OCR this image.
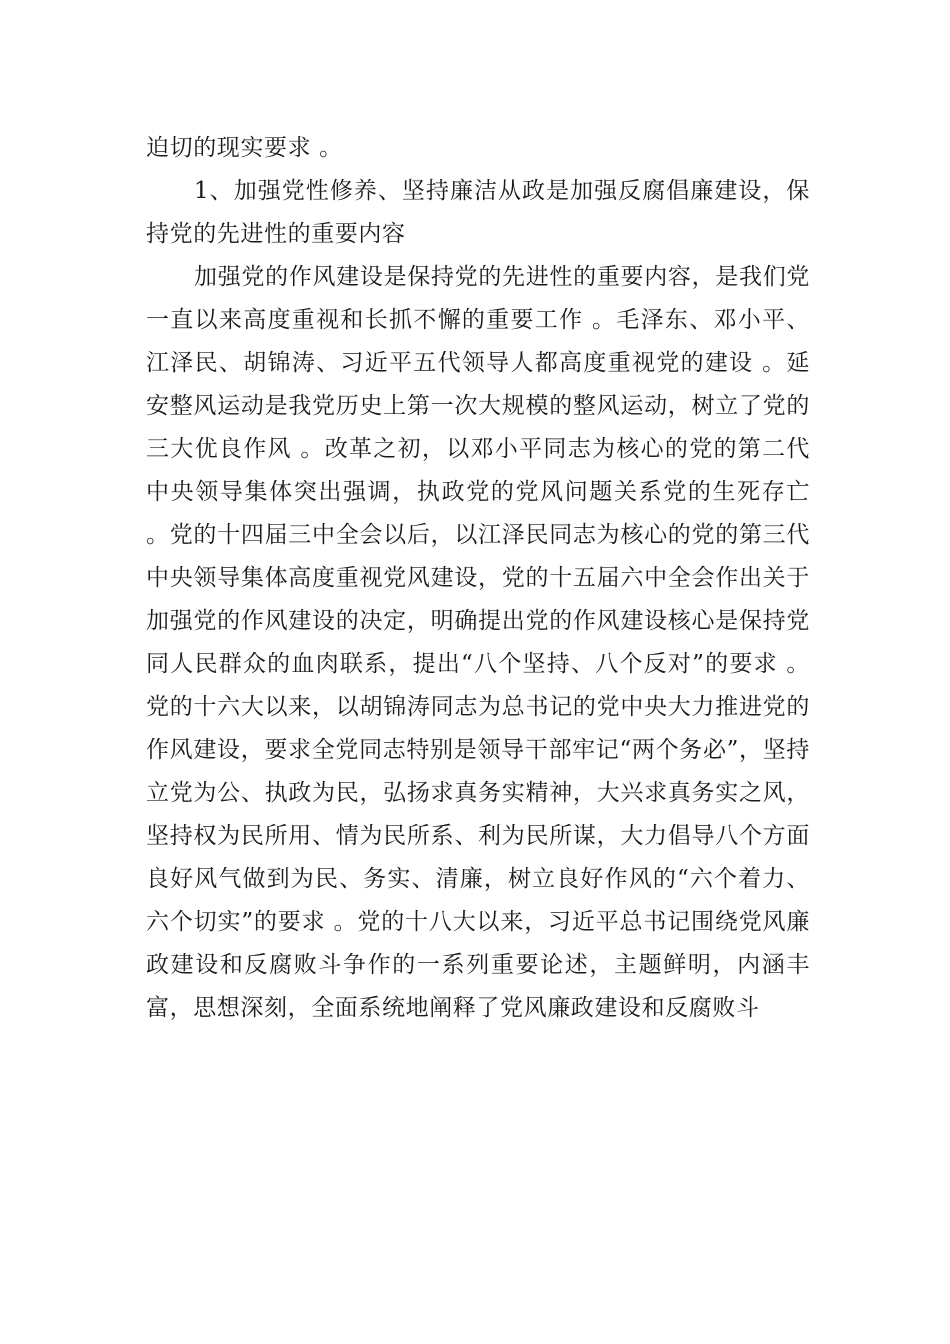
迫切的现实要求 。

1、加强党性修养、坚持廉洁从政是加强反腐倡廉建设，保持党的先进性的重要内容

加强党的作风建设是保持党的先进性的重要内容，是我们党一直以来高度重视和长抓不懈的重要工作 。毛泽东、邓小平、江泽民、胡锦涛、习近平五代领导人都高度重视党的建设 。延安整风运动是我党历史上第一次大规模的整风运动，树立了党的三大优良作风 。改革之初，以邓小平同志为核心的党的第二代中央领导集体突出强调，执政党的党风问题关系党的生死存亡 。党的十四届三中全会以后，以江泽民同志为核心的党的第三代中央领导集体高度重视党风建设，党的十五届六中全会作出关于加强党的作风建设的决定，明确提出党的作风建设核心是保持党同人民群众的血肉联系，提出“八个坚持、八个反对”的要求 。党的十六大以来，以胡锦涛同志为总书记的党中央大力推进党的作风建设，要求全党同志特别是领导干部牢记“两个务必”，坚持立党为公、执政为民，弘扬求真务实精神，大兴求真务实之风，坚持权为民所用、情为民所系、利为民所谋，大力倡导八个方面良好风气做到为民、务实、清廉，树立良好作风的“六个着力、六个切实”的要求 。党的十八大以来，习近平总书记围绕党风廉政建设和反腐败斗争作的一系列重要论述，主题鲜明，内涵丰富，思想深刻，全面系统地阐释了党风廉政建设和反腐败斗
